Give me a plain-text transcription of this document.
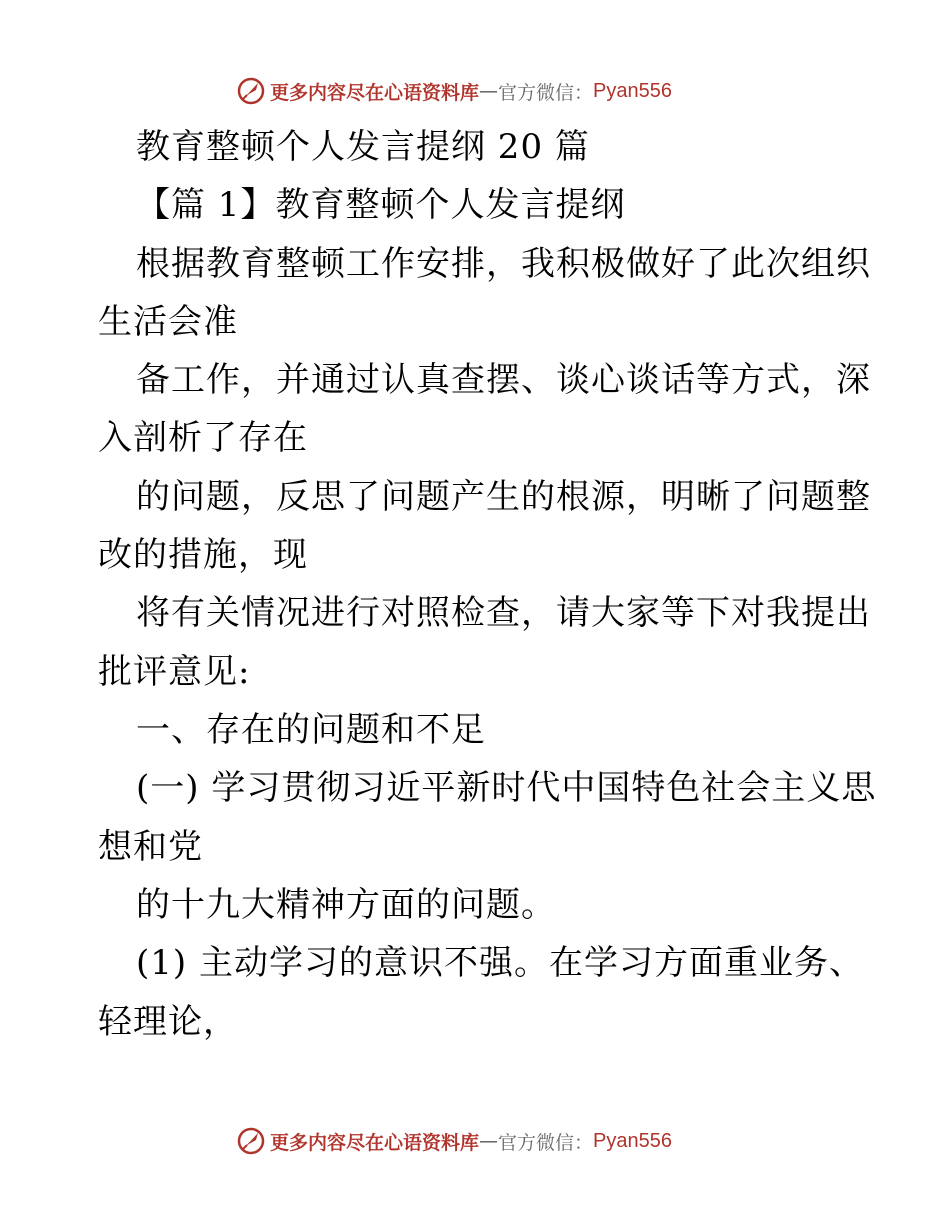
更多内容尽在心语资料库 — 官方微信： Pyan556
教育整顿个人发言提纲 20 篇
【篇 1】教育整顿个人发言提纲
根据教育整顿工作安排，我积极做好了此次组织
生活会准
备工作，并通过认真查摆、谈心谈话等方式，深
入剖析了存在
的问题，反思了问题产生的根源，明晰了问题整
改的措施，现
将有关情况进行对照检查，请大家等下对我提出
批评意见:
一、存在的问题和不足
(一) 学习贯彻习近平新时代中国特色社会主义思
想和党
的十九大精神方面的问题。
(1) 主动学习的意识不强。在学习方面重业务、
轻理论，
更多内容尽在心语资料库 — 官方微信： Pyan556
